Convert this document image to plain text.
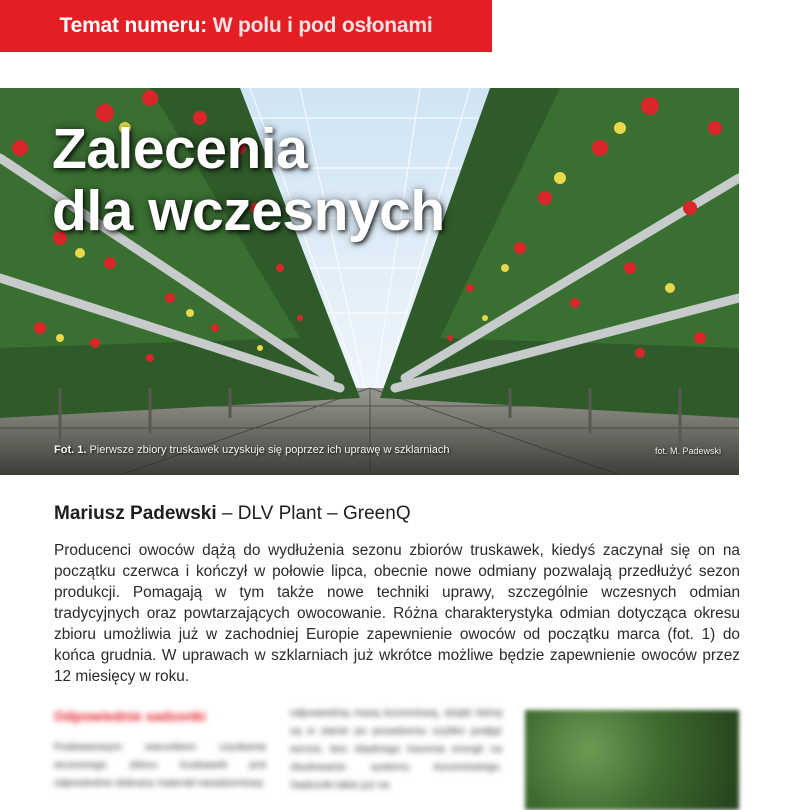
Temat numeru:
W polu i pod osłonami
Zalecenia
dla wczesnych
Fot. 1. Pierwsze zbiory truskawek uzyskuje się poprzez ich uprawę w szklarniach	fot. M. Padewski
Mariusz Padewski – DLV Plant – GreenQ

Producenci owoców dążą do wydłużenia sezonu zbiorów truskawek, kiedyś zaczynał się on na początku czerwca i kończył w połowie lipca, obecnie nowe odmiany pozwalają przedłużyć sezon produkcji. Pomagają w tym także nowe techniki uprawy, szczególnie wczesnych odmian tradycyjnych oraz powtarzających owocowanie. Różna charakterystyka odmian dotycząca okresu zbioru umożliwia już w zachodniej Europie zapewnienie owoców od początku marca (fot. 1) do końca grudnia. W uprawach w szklarniach już wkrótce możliwe będzie zapewnienie owoców przez 12 miesięcy w roku.

Odpowiednie sadzonki

Podstawowym warunkiem uzyskania wczesnego zbioru truskawek jest odpowiednio dobrany materiał nasadzeniowy

odpowiednią masą korzeniową, dzięki której są w stanie po posadzeniu szybko podjąć wzrost, bez zbędnego tracenia energii na zbudowanie systemu korzeniowego. Sadzonki takie już na
